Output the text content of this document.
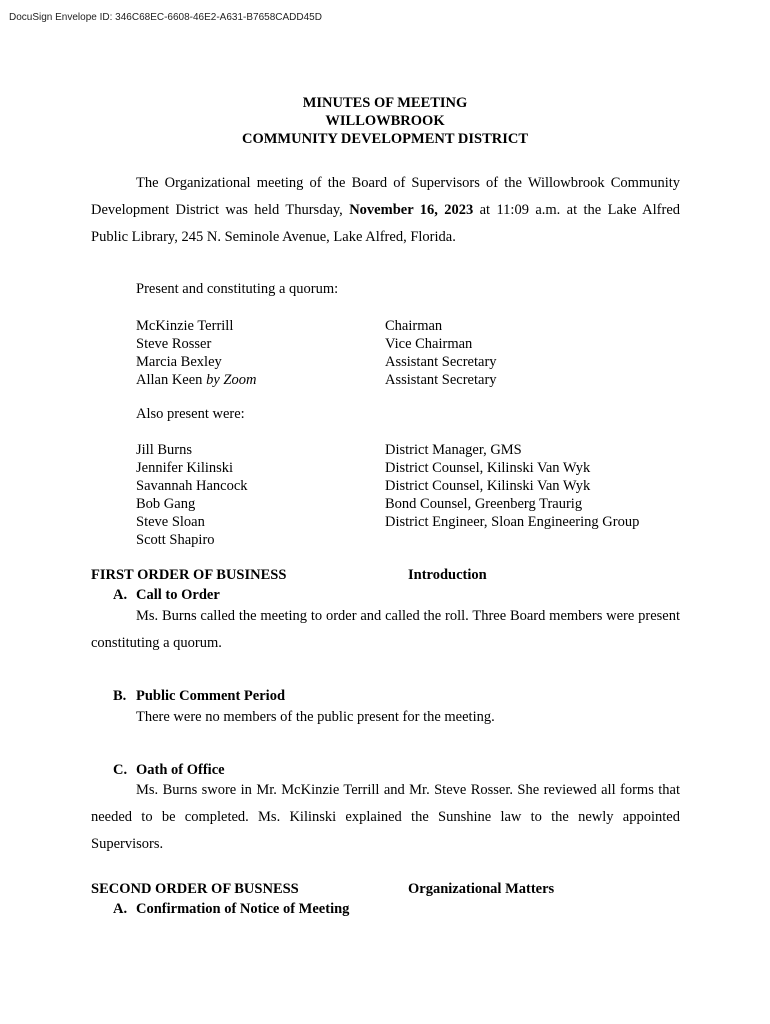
DocuSign Envelope ID: 346C68EC-6608-46E2-A631-B7658CADD45D
MINUTES OF MEETING
WILLOWBROOK
COMMUNITY DEVELOPMENT DISTRICT
The Organizational meeting of the Board of Supervisors of the Willowbrook Community Development District was held Thursday, November 16, 2023 at 11:09 a.m. at the Lake Alfred Public Library, 245 N. Seminole Avenue, Lake Alfred, Florida.
Present and constituting a quorum:
McKinzie Terrill
Steve Rosser
Marcia Bexley
Allan Keen by Zoom
Chairman
Vice Chairman
Assistant Secretary
Assistant Secretary
Also present were:
Jill Burns
Jennifer Kilinski
Savannah Hancock
Bob Gang
Steve Sloan
Scott Shapiro
District Manager, GMS
District Counsel, Kilinski Van Wyk
District Counsel, Kilinski Van Wyk
Bond Counsel, Greenberg Traurig
District Engineer, Sloan Engineering Group
FIRST ORDER OF BUSINESS	Introduction
A. Call to Order
Ms. Burns called the meeting to order and called the roll. Three Board members were present constituting a quorum.
B. Public Comment Period
There were no members of the public present for the meeting.
C. Oath of Office
Ms. Burns swore in Mr. McKinzie Terrill and Mr. Steve Rosser. She reviewed all forms that needed to be completed. Ms. Kilinski explained the Sunshine law to the newly appointed Supervisors.
SECOND ORDER OF BUSNESS	Organizational Matters
A. Confirmation of Notice of Meeting
